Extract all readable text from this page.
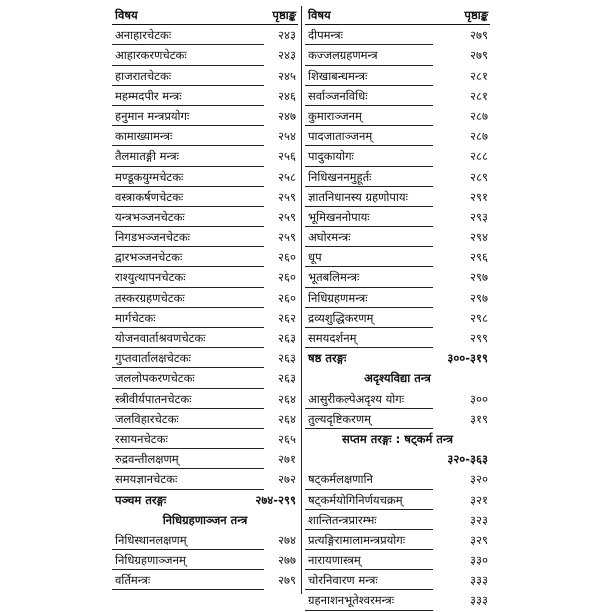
विषय	पृष्ठाङ्क
अनाहारचेटकः	२४३
आहारकरणचेटकः	२४३
हाजरातचेटकः	२४५
महम्मदपीर मन्त्रः	२४६
हनुमान मन्त्रप्रयोगः	२४७
कामाख्यामन्त्रः	२५४
तैलमातङ्गी मन्त्रः	२५६
मण्डूकयुग्मचेटकः	२५८
वस्त्राकर्षणचेटकः	२५९
यन्त्रभञ्जनचेटकः	२५९
निगडभञ्जनचेटकः	२५९
द्वारभञ्जनचेटकः	२६०
राश्युत्थापनचेटकः	२६०
तस्करग्रहणचेटकः	२६०
मार्गचेटकः	२६२
योजनवार्ताश्रवणचेटकः	२६३
गुप्तवार्तालक्षचेटकः	२६३
जललोपकरणचेटकः	२६३
स्त्रीवीर्यपातनचेटकः	२६४
जलविहारचेटकः	२६४
रसायनचेटकः	२६५
रुद्रवन्तीलक्षणम्	२७१
समयज्ञानचेटकः	२७२
पञ्चम तरङ्गः	२७४-२९९
निधिग्रहणाञ्जन तन्त्र
निधिस्थानलक्षणम्	२७४
निधिग्रहणाञ्जनम्	२७७
वर्तिमन्त्रः	२७९
विषय	पृष्ठाङ्क
दीपमन्त्रः	२७९
कज्जलग्रहणमन्त्र	२७९
शिखाबन्धमन्त्रः	२८१
सर्वाञ्जनविधिः	२८१
कुमाराञ्जनम्	२८७
पादजाताञ्जनम्	२८७
पादुकायोगः	२८८
निधिखननमुहूर्तः	२८९
ज्ञातनिधानस्य ग्रहणोपायः	२९१
भूमिखननोपायः	२९३
अघोरमन्त्रः	२९४
धूप	२९६
भूतबलिमन्त्रः	२९७
निधिग्रहणमन्त्रः	२९७
द्रव्यशुद्धिकरणम्	२९८
समयदर्शनम्	२९९
षष्ठ तरङ्गः	३००-३१९
अदृश्यविद्या तन्त्र
आसुरीकल्पेअदृश्य योगः	३००
तुल्यदृष्टिकरणम्	३१९
सप्तम तरङ्गः : षट्कर्म तन्त्र
३२०-३६३
षट्कर्मलक्षणानि	३२०
षट्कर्मयोगिनिर्णयचक्रम्	३२१
शान्तितन्त्रप्रारम्भः	३२३
प्रत्यङ्गिरामालामन्त्रप्रयोगः	३२९
नारायणास्त्रम्	३३०
चोरनिवारण मन्त्रः	३३३
ग्रहनाशनभूतेश्वरमन्त्रः	३३३
